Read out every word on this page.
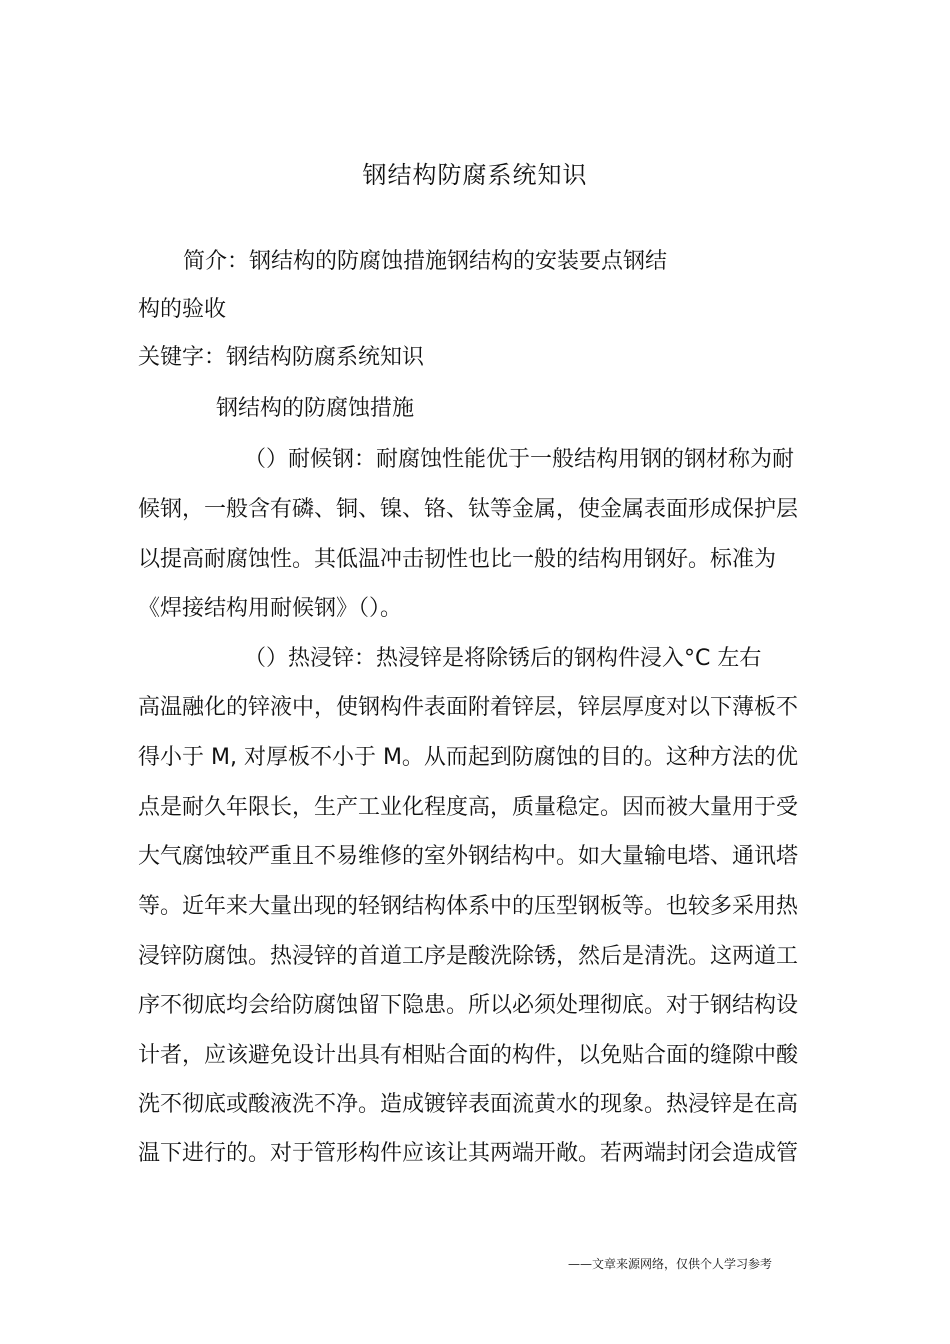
钢结构防腐系统知识
简介：钢结构的防腐蚀措施钢结构的安装要点钢结
构的验收
关键字：钢结构防腐系统知识
钢结构的防腐蚀措施
（）耐候钢：耐腐蚀性能优于一般结构用钢的钢材称为耐
候钢，一般含有磷、铜、镍、铬、钛等金属，使金属表面形成保护层
以提高耐腐蚀性。其低温冲击韧性也比一般的结构用钢好。标准为
《焊接结构用耐候钢》（）。
（）热浸锌：热浸锌是将除锈后的钢构件浸入°C 左右
高温融化的锌液中，使钢构件表面附着锌层，锌层厚度对以下薄板不
得小于 M, 对厚板不小于 M。从而起到防腐蚀的目的。这种方法的优
点是耐久年限长，生产工业化程度高，质量稳定。因而被大量用于受
大气腐蚀较严重且不易维修的室外钢结构中。如大量输电塔、通讯塔
等。近年来大量出现的轻钢结构体系中的压型钢板等。也较多采用热
浸锌防腐蚀。热浸锌的首道工序是酸洗除锈，然后是清洗。这两道工
序不彻底均会给防腐蚀留下隐患。所以必须处理彻底。对于钢结构设
计者，应该避免设计出具有相贴合面的构件，以免贴合面的缝隙中酸
洗不彻底或酸液洗不净。造成镀锌表面流黄水的现象。热浸锌是在高
温下进行的。对于管形构件应该让其两端开敞。若两端封闭会造成管
——文章来源网络，仅供个人学习参考
